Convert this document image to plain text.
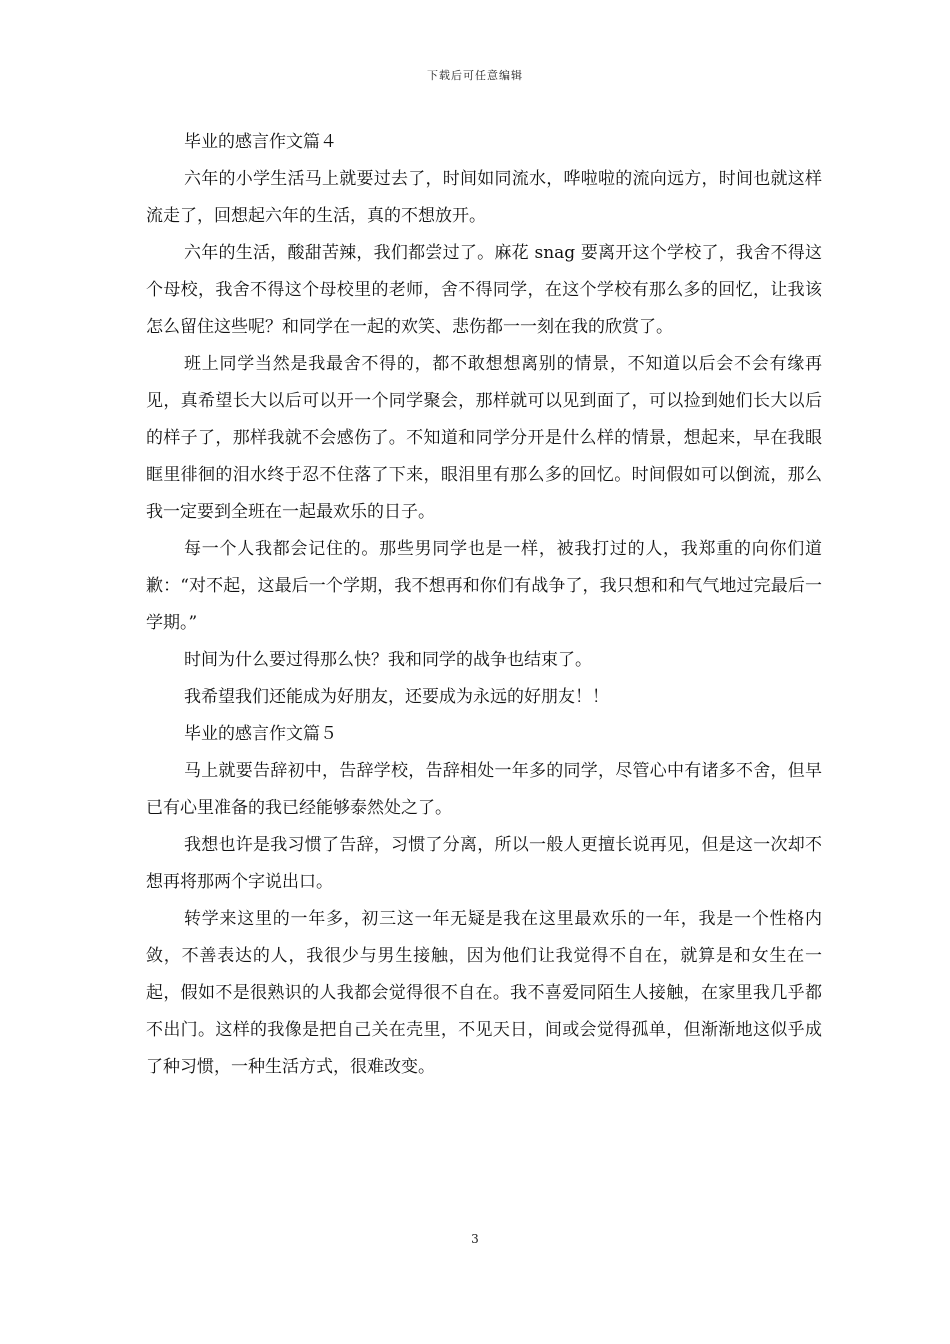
下载后可任意编辑

毕业的感言作文篇４

六年的小学生活马上就要过去了，时间如同流水，哗啦啦的流向远方，时间也就这样流走了，回想起六年的生活，真的不想放开。

六年的生活，酸甜苦辣，我们都尝过了。麻花 snag 要离开这个学校了，我舍不得这个母校，我舍不得这个母校里的老师，舍不得同学，在这个学校有那么多的回忆，让我该怎么留住这些呢？和同学在一起的欢笑、悲伤都一一刻在我的欣赏了。

班上同学当然是我最舍不得的，都不敢想想离别的情景，不知道以后会不会有缘再见，真希望长大以后可以开一个同学聚会，那样就可以见到面了，可以捡到她们长大以后的样子了，那样我就不会感伤了。不知道和同学分开是什么样的情景，想起来，早在我眼眶里徘徊的泪水终于忍不住落了下来，眼泪里有那么多的回忆。时间假如可以倒流，那么我一定要到全班在一起最欢乐的日子。

每一个人我都会记住的。那些男同学也是一样，被我打过的人，我郑重的向你们道歉：“对不起，这最后一个学期，我不想再和你们有战争了，我只想和和气气地过完最后一学期。”

时间为什么要过得那么快？我和同学的战争也结束了。

我希望我们还能成为好朋友，还要成为永远的好朋友！！

毕业的感言作文篇５

马上就要告辞初中，告辞学校，告辞相处一年多的同学，尽管心中有诸多不舍，但早已有心里准备的我已经能够泰然处之了。

我想也许是我习惯了告辞，习惯了分离，所以一般人更擅长说再见，但是这一次却不想再将那两个字说出口。

转学来这里的一年多，初三这一年无疑是我在这里最欢乐的一年，我是一个性格内敛，不善表达的人，我很少与男生接触，因为他们让我觉得不自在，就算是和女生在一起，假如不是很熟识的人我都会觉得很不自在。我不喜爱同陌生人接触，在家里我几乎都不出门。这样的我像是把自己关在壳里，不见天日，间或会觉得孤单，但渐渐地这似乎成了种习惯，一种生活方式，很难改变。

3
